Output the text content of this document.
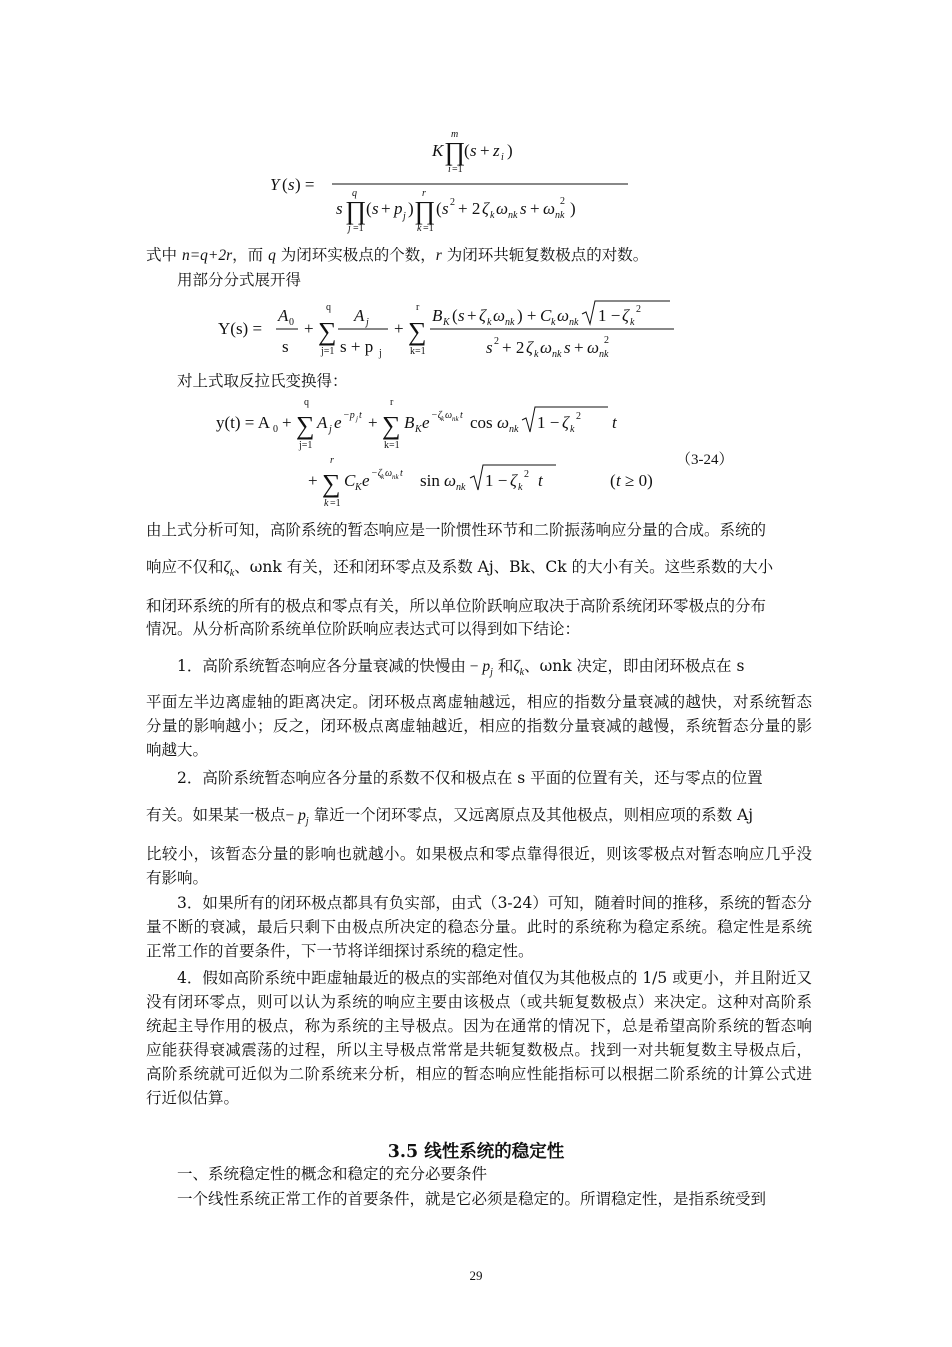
Y ( s ) =
K ∏
m
i =1
( s + z i )
s ∏
q
j =1
( s + p j ) ∏
r
k =1
( s 2 + 2 ζ k ω nk s + ω nk
2 )
式中 n=q+2r，而 q 为闭环实极点的个数，r 为闭环共轭复数极点的对数。
用部分分式展开得
Y(s) =
A 0
s
+ ∑
q
j=1
A j
s + p j
+ ∑
r
k=1
B K ( s + ζ k ω nk ) + C k ω nk 1 − ζ k
2
s 2 + 2 ζ k ω nk s + ω nk
2
对上式取反拉氏变换得：
y(t) = A 0 + ∑
q
j=1
A j e −p j t + ∑
r
k=1
B K e −ζ k ω nk t cos ω nk 1 − ζ k
2 t
+ ∑
r
k =1
C K e −ζ k ω nk t sin ω nk 1 − ζ k
2 t	( t ≥ 0)
（3-24）
由上式分析可知，高阶系统的暂态响应是一阶惯性环节和二阶振荡响应分量的合成。系统的
响应不仅和$\zeta_k$、ωnk 有关，还和闭环零点及系数 Aj、Bk、Ck 的大小有关。这些系数的大小
和闭环系统的所有的极点和零点有关，所以单位阶跃响应取决于高阶系统闭环零极点的分布
情况。从分析高阶系统单位阶跃响应表达式可以得到如下结论：
1．高阶系统暂态响应各分量衰减的快慢由 − $p_j$ 和$\zeta_k$、ωnk 决定，即由闭环极点在 s
平面左半边离虚轴的距离决定。闭环极点离虚轴越远，相应的指数分量衰减的越快，对系统暂态分量的影响越小；反之，闭环极点离虚轴越近，相应的指数分量衰减的越慢，系统暂态分量的影响越大。
2．高阶系统暂态响应各分量的系数不仅和极点在 s 平面的位置有关，还与零点的位置
有关。如果某一极点− $p_j$ 靠近一个闭环零点，又远离原点及其他极点，则相应项的系数 Aj
比较小，该暂态分量的影响也就越小。如果极点和零点靠得很近，则该零极点对暂态响应几乎没有影响。
3．如果所有的闭环极点都具有负实部，由式（3-24）可知，随着时间的推移，系统的暂态分量不断的衰减，最后只剩下由极点所决定的稳态分量。此时的系统称为稳定系统。稳定性是系统正常工作的首要条件，下一节将详细探讨系统的稳定性。
4．假如高阶系统中距虚轴最近的极点的实部绝对值仅为其他极点的 1/5 或更小，并且附近又没有闭环零点，则可以认为系统的响应主要由该极点（或共轭复数极点）来决定。这种对高阶系统起主导作用的极点，称为系统的主导极点。因为在通常的情况下，总是希望高阶系统的暂态响应能获得衰减震荡的过程，所以主导极点常常是共轭复数极点。找到一对共轭复数主导极点后，高阶系统就可近似为二阶系统来分析，相应的暂态响应性能指标可以根据二阶系统的计算公式进行近似估算。
3.5 线性系统的稳定性
一、系统稳定性的概念和稳定的充分必要条件
一个线性系统正常工作的首要条件，就是它必须是稳定的。所谓稳定性，是指系统受到
29
